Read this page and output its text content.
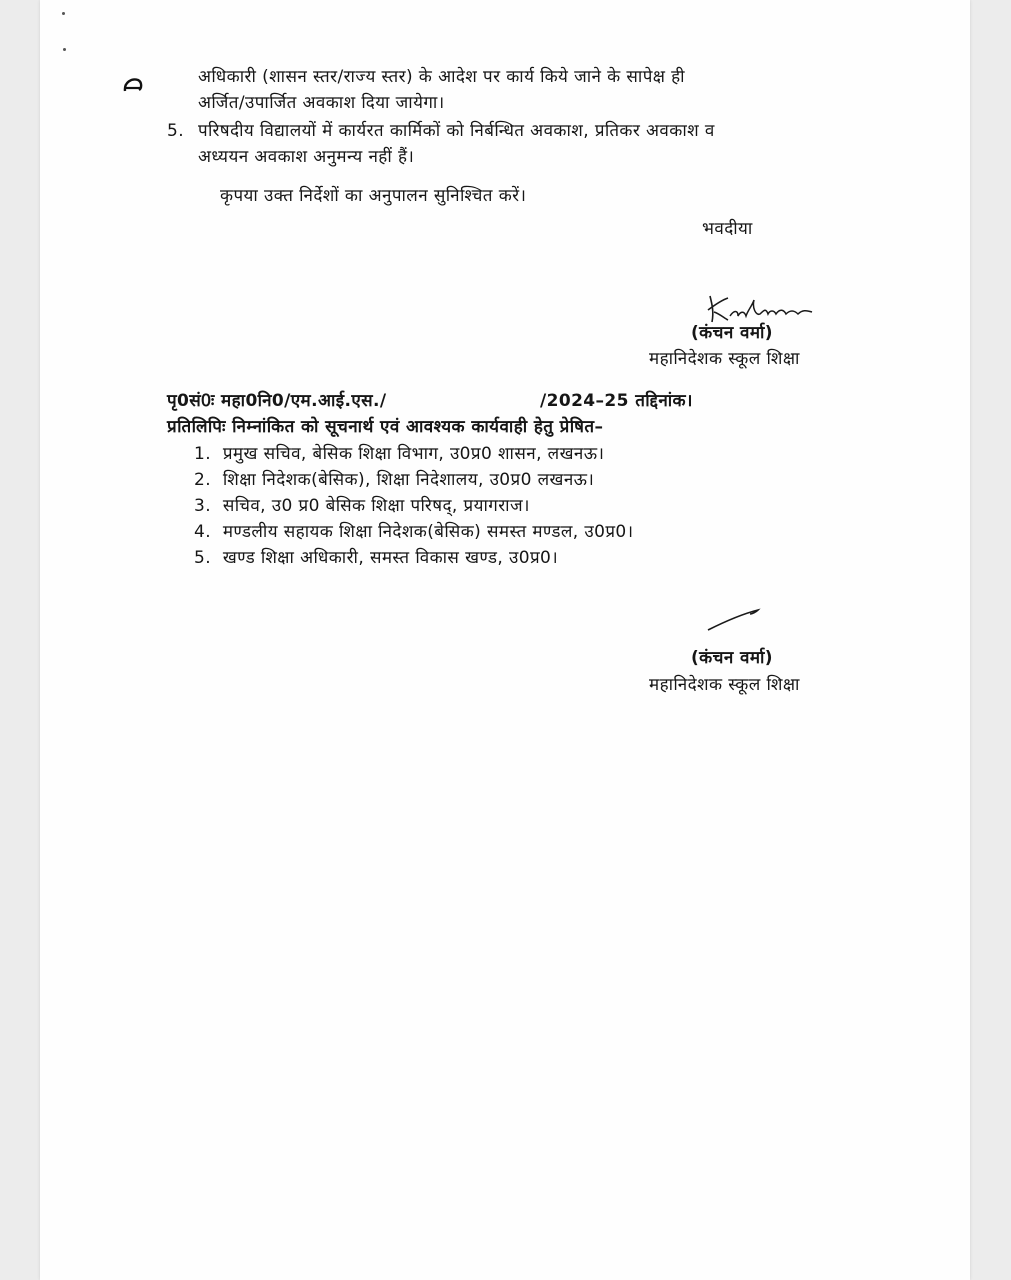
अधिकारी (शासन स्तर/राज्य स्तर) के आदेश पर कार्य किये जाने के सापेक्ष ही
अर्जित/उपार्जित अवकाश दिया जायेगा।
5. परिषदीय विद्यालयों में कार्यरत कार्मिकों को निर्बन्धित अवकाश, प्रतिकर अवकाश व
अध्ययन अवकाश अनुमन्य नहीं हैं।
कृपया उक्त निर्देशों का अनुपालन सुनिश्चित करें।
भवदीया
(कंचन वर्मा)
महानिदेशक स्कूल शिक्षा
पृ0सं0ः महा0नि0/एम.आई.एस./	/2024–25 तद्दिनांक।
प्रतिलिपिः निम्नांकित को सूचनार्थ एवं आवश्यक कार्यवाही हेतु प्रेषित–
1. प्रमुख सचिव, बेसिक शिक्षा विभाग, उ0प्र0 शासन, लखनऊ।
2. शिक्षा निदेशक(बेसिक), शिक्षा निदेशालय, उ0प्र0 लखनऊ।
3. सचिव, उ0 प्र0 बेसिक शिक्षा परिषद्, प्रयागराज।
4. मण्डलीय सहायक शिक्षा निदेशक(बेसिक) समस्त मण्डल, उ0प्र0।
5. खण्ड शिक्षा अधिकारी, समस्त विकास खण्ड, उ0प्र0।
(कंचन वर्मा)
महानिदेशक स्कूल शिक्षा
